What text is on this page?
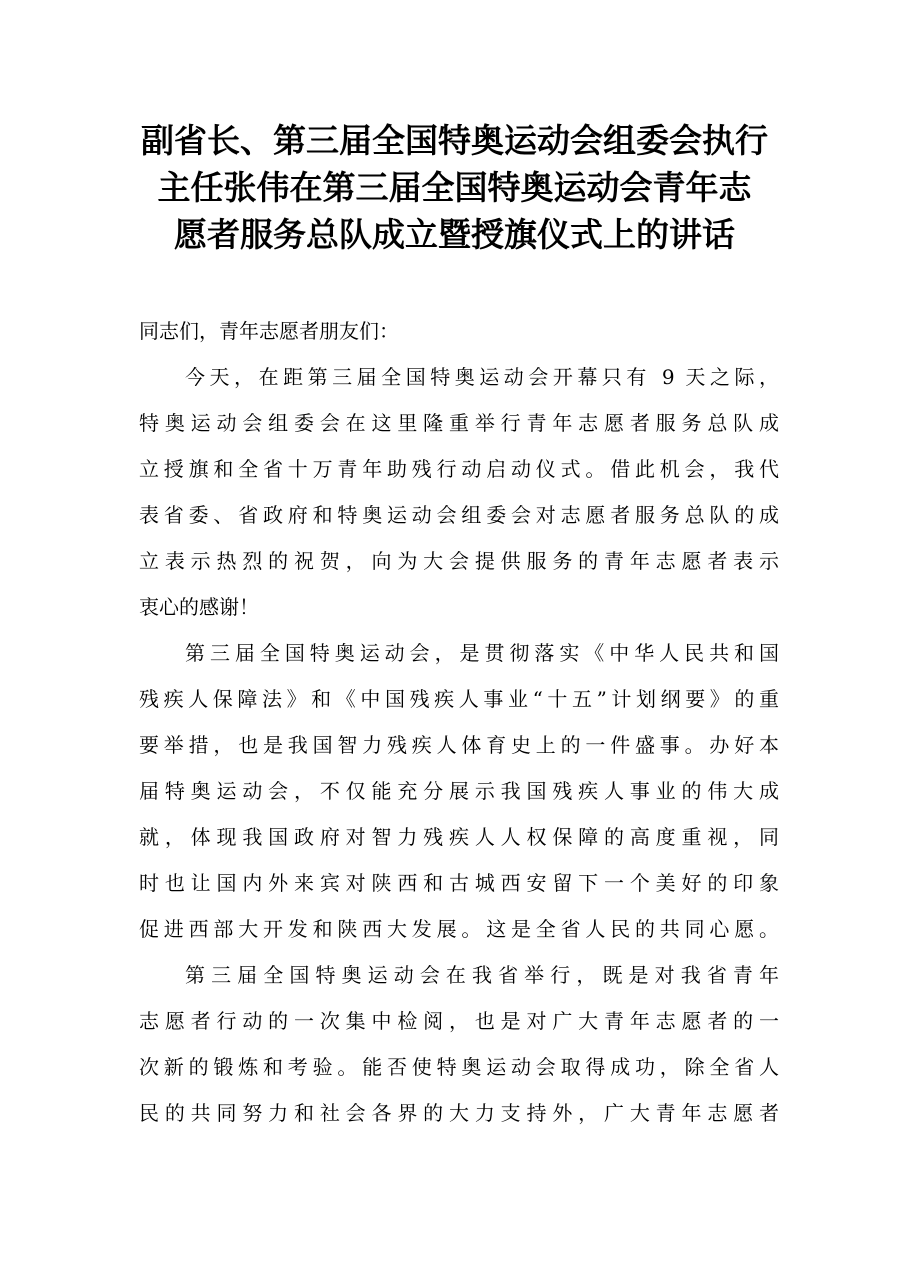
副省长、第三届全国特奥运动会组委会执行
主任张伟在第三届全国特奥运动会青年志
愿者服务总队成立暨授旗仪式上的讲话
同志们，青年志愿者朋友们：
今天，在距第三届全国特奥运动会开幕只有 9 天之际，
特奥运动会组委会在这里隆重举行青年志愿者服务总队成
立授旗和全省十万青年助残行动启动仪式。借此机会，我代
表省委、省政府和特奥运动会组委会对志愿者服务总队的成
立表示热烈的祝贺，向为大会提供服务的青年志愿者表示
衷心的感谢！
第三届全国特奥运动会，是贯彻落实《中华人民共和国
残疾人保障法》和《中国残疾人事业“十五”计划纲要》的重
要举措，也是我国智力残疾人体育史上的一件盛事。办好本
届特奥运动会，不仅能充分展示我国残疾人事业的伟大成
就，体现我国政府对智力残疾人人权保障的高度重视，同
时也让国内外来宾对陕西和古城西安留下一个美好的印象
促进西部大开发和陕西大发展。这是全省人民的共同心愿。
第三届全国特奥运动会在我省举行，既是对我省青年
志愿者行动的一次集中检阅，也是对广大青年志愿者的一
次新的锻炼和考验。能否使特奥运动会取得成功，除全省人
民的共同努力和社会各界的大力支持外，广大青年志愿者
